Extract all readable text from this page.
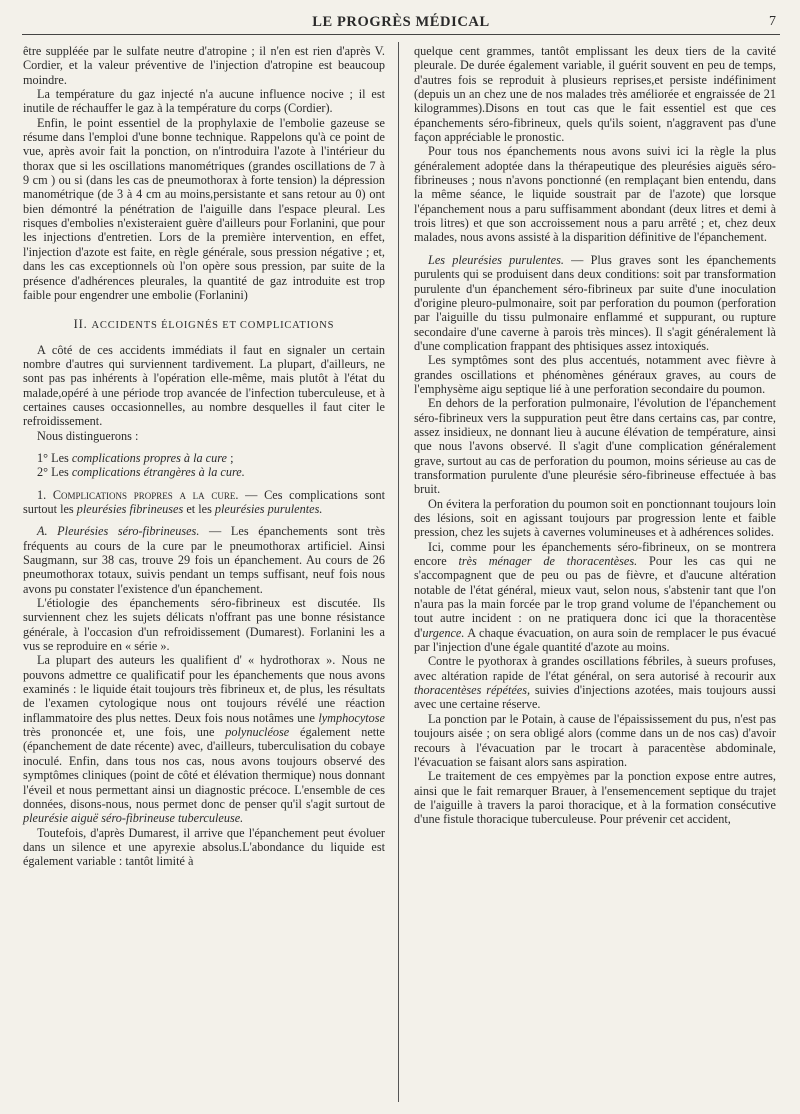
LE PROGRÈS MÉDICAL	7

être suppléée par le sulfate neutre d'atropine ; il n'en est rien d'après V. Cordier, et la valeur préventive de l'injection d'atropine est beaucoup moindre.

La température du gaz injecté n'a aucune influence nocive ; il est inutile de réchauffer le gaz à la température du corps (Cordier).

Enfin, le point essentiel de la prophylaxie de l'embolie gazeuse se résume dans l'emploi d'une bonne technique. Rappelons qu'à ce point de vue, après avoir fait la ponction, on n'introduira l'azote à l'intérieur du thorax que si les oscillations manométriques (grandes oscillations de 7 à 9 cm ) ou si (dans les cas de pneumothorax à forte tension) la dépression manométrique (de 3 à 4 cm au moins,persistante et sans retour au 0) ont bien démontré la pénétration de l'aiguille dans l'espace pleural. Les risques d'embolies n'existeraient guère d'ailleurs pour Forlanini, que pour les injections d'entretien. Lors de la première intervention, en effet, l'injection d'azote est faite, en règle générale, sous pression négative ; et, dans les cas exceptionnels où l'on opère sous pression, par suite de la présence d'adhérences pleurales, la quantité de gaz introduite est trop faible pour engendrer une embolie (Forlanini)

II. ACCIDENTS ÉLOIGNÉS ET COMPLICATIONS

A côté de ces accidents immédiats il faut en signaler un certain nombre d'autres qui surviennent tardivement. La plupart, d'ailleurs, ne sont pas pas inhérents à l'opération elle-même, mais plutôt à l'état du malade,opéré à une période trop avancée de l'infection tuberculeuse, et à certaines causes occasionnelles, au nombre desquelles il faut citer le refroidissement.

Nous distinguerons :

1° Les complications propres à la cure ;

2° Les complications étrangères à la cure.

1. Complications propres a la cure. — Ces complications sont surtout les pleurésies fibrineuses et les pleurésies purulentes.

A. Pleurésies séro-fibrineuses. — Les épanchements sont très fréquents au cours de la cure par le pneumothorax artificiel. Ainsi Saugmann, sur 38 cas, trouve 29 fois un épanchement. Au cours de 26 pneumothorax totaux, suivis pendant un temps suffisant, neuf fois nous avons pu constater l'existence d'un épanchement.

L'étiologie des épanchements séro-fibrineux est discutée. Ils surviennent chez les sujets délicats n'offrant pas une bonne résistance générale, à l'occasion d'un refroidissement (Dumarest). Forlanini les a vus se reproduire en « série ».

La plupart des auteurs les qualifient d' « hydrothorax ». Nous ne pouvons admettre ce qualificatif pour les épanchements que nous avons examinés : le liquide était toujours très fibrineux et, de plus, les résultats de l'examen cytologique nous ont toujours révélé une réaction inflammatoire des plus nettes. Deux fois nous notâmes une lymphocytose très prononcée et, une fois, une polynucléose également nette (épanchement de date récente) avec, d'ailleurs, tuberculisation du cobaye inoculé. Enfin, dans tous nos cas, nous avons toujours observé des symptômes cliniques (point de côté et élévation thermique) nous donnant l'éveil et nous permettant ainsi un diagnostic précoce. L'ensemble de ces données, disons-nous, nous permet donc de penser qu'il s'agit surtout de pleurésie aiguë séro-fibrineuse tuberculeuse.

Toutefois, d'après Dumarest, il arrive que l'épanchement peut évoluer dans un silence et une apyrexie absolus.L'abondance du liquide est également variable : tantôt limité à

quelque cent grammes, tantôt emplissant les deux tiers de la cavité pleurale. De durée également variable, il guérit souvent en peu de temps, d'autres fois se reproduit à plusieurs reprises,et persiste indéfiniment (depuis un an chez une de nos malades très améliorée et engraissée de 21 kilogrammes).Disons en tout cas que le fait essentiel est que ces épanchements séro-fibrineux, quels qu'ils soient, n'aggravent pas d'une façon appréciable le pronostic.

Pour tous nos épanchements nous avons suivi ici la règle la plus généralement adoptée dans la thérapeutique des pleurésies aiguës séro-fibrineuses ; nous n'avons ponctionné (en remplaçant bien entendu, dans la même séance, le liquide soustrait par de l'azote) que lorsque l'épanchement nous a paru suffisamment abondant (deux litres et demi à trois litres) et que son accroissement nous a paru arrêté ; et, chez deux malades, nous avons assisté à la disparition définitive de l'épanchement.

Les pleurésies purulentes. — Plus graves sont les épanchements purulents qui se produisent dans deux conditions: soit par transformation purulente d'un épanchement séro-fibrineux par suite d'une inoculation d'origine pleuro-pulmonaire, soit par perforation du poumon (perforation par l'aiguille du tissu pulmonaire enflammé et suppurant, ou rupture secondaire d'une caverne à parois très minces). Il s'agit généralement là d'une complication frappant des phtisiques assez intoxiqués.

Les symptômes sont des plus accentués, notamment avec fièvre à grandes oscillations et phénomènes généraux graves, au cours de l'emphysème aigu septique lié à une perforation secondaire du poumon.

En dehors de la perforation pulmonaire, l'évolution de l'épanchement séro-fibrineux vers la suppuration peut être dans certains cas, par contre, assez insidieux, ne donnant lieu à aucune élévation de température, ainsi que nous l'avons observé. Il s'agit d'une complication généralement grave, surtout au cas de perforation du poumon, moins sérieuse au cas de transformation purulente d'une pleurésie séro-fibrineuse effectuée à bas bruit.

On évitera la perforation du poumon soit en ponctionnant toujours loin des lésions, soit en agissant toujours par progression lente et faible pression, chez les sujets à cavernes volumineuses et à adhérences solides.

Ici, comme pour les épanchements séro-fibrineux, on se montrera encore très ménager de thoracentèses. Pour les cas qui ne s'accompagnent que de peu ou pas de fièvre, et d'aucune altération notable de l'état général, mieux vaut, selon nous, s'abstenir tant que l'on n'aura pas la main forcée par le trop grand volume de l'épanchement ou tout autre incident : on ne pratiquera donc ici que la thoracentèse d'urgence. A chaque évacuation, on aura soin de remplacer le pus évacué par l'injection d'une égale quantité d'azote au moins.

Contre le pyothorax à grandes oscillations fébriles, à sueurs profuses, avec altération rapide de l'état général, on sera autorisé à recourir aux thoracentèses répétées, suivies d'injections azotées, mais toujours aussi avec une certaine réserve.

La ponction par le Potain, à cause de l'épaississement du pus, n'est pas toujours aisée ; on sera obligé alors (comme dans un de nos cas) d'avoir recours à l'évacuation par le trocart à paracentèse abdominale, l'évacuation se faisant alors sans aspiration.

Le traitement de ces empyèmes par la ponction expose entre autres, ainsi que le fait remarquer Brauer, à l'ensemencement septique du trajet de l'aiguille à travers la paroi thoracique, et à la formation consécutive d'une fistule thoracique tuberculeuse. Pour prévenir cet accident,
